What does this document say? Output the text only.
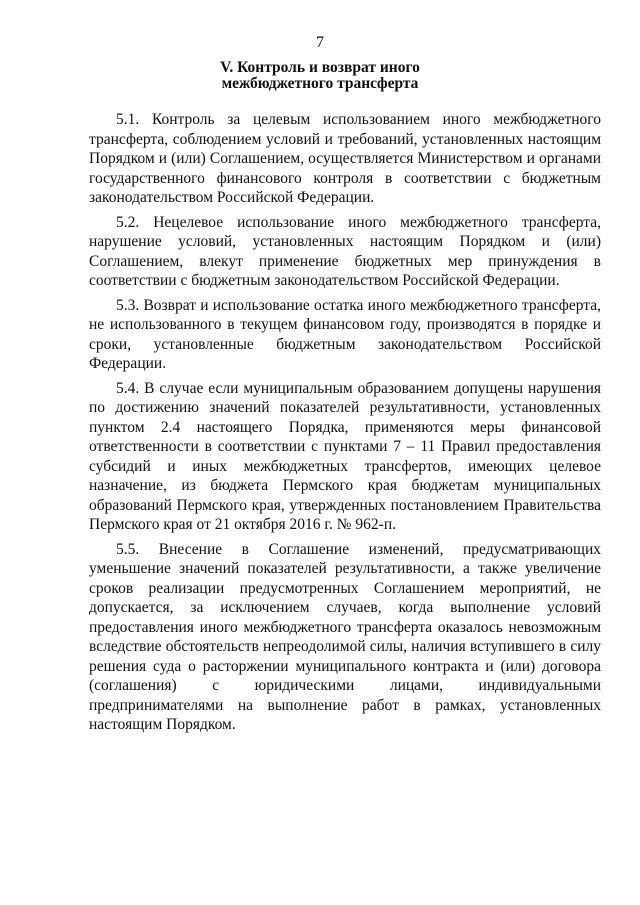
7
V. Контроль и возврат иного
межбюджетного трансферта

5.1. Контроль за целевым использованием иного межбюджетного трансферта, соблюдением условий и требований, установленных настоящим Порядком и (или) Соглашением, осуществляется Министерством и органами государственного финансового контроля в соответствии с бюджетным законодательством Российской Федерации.

5.2. Нецелевое использование иного межбюджетного трансферта, нарушение условий, установленных настоящим Порядком и (или) Соглашением, влекут применение бюджетных мер принуждения в соответствии с бюджетным законодательством Российской Федерации.

5.3. Возврат и использование остатка иного межбюджетного трансферта, не использованного в текущем финансовом году, производятся в порядке и сроки, установленные бюджетным законодательством Российской Федерации.

5.4. В случае если муниципальным образованием допущены нарушения по достижению значений показателей результативности, установленных пунктом 2.4 настоящего Порядка, применяются меры финансовой ответственности в соответствии с пунктами 7 – 11 Правил предоставления субсидий и иных межбюджетных трансфертов, имеющих целевое назначение, из бюджета Пермского края бюджетам муниципальных образований Пермского края, утвержденных постановлением Правительства Пермского края от 21 октября 2016 г. № 962-п.

5.5. Внесение в Соглашение изменений, предусматривающих уменьшение значений показателей результативности, а также увеличение сроков реализации предусмотренных Соглашением мероприятий, не допускается, за исключением случаев, когда выполнение условий предоставления иного межбюджетного трансферта оказалось невозможным вследствие обстоятельств непреодолимой силы, наличия вступившего в силу решения суда о расторжении муниципального контракта и (или) договора (соглашения) с юридическими лицами, индивидуальными предпринимателями на выполнение работ в рамках, установленных настоящим Порядком.
